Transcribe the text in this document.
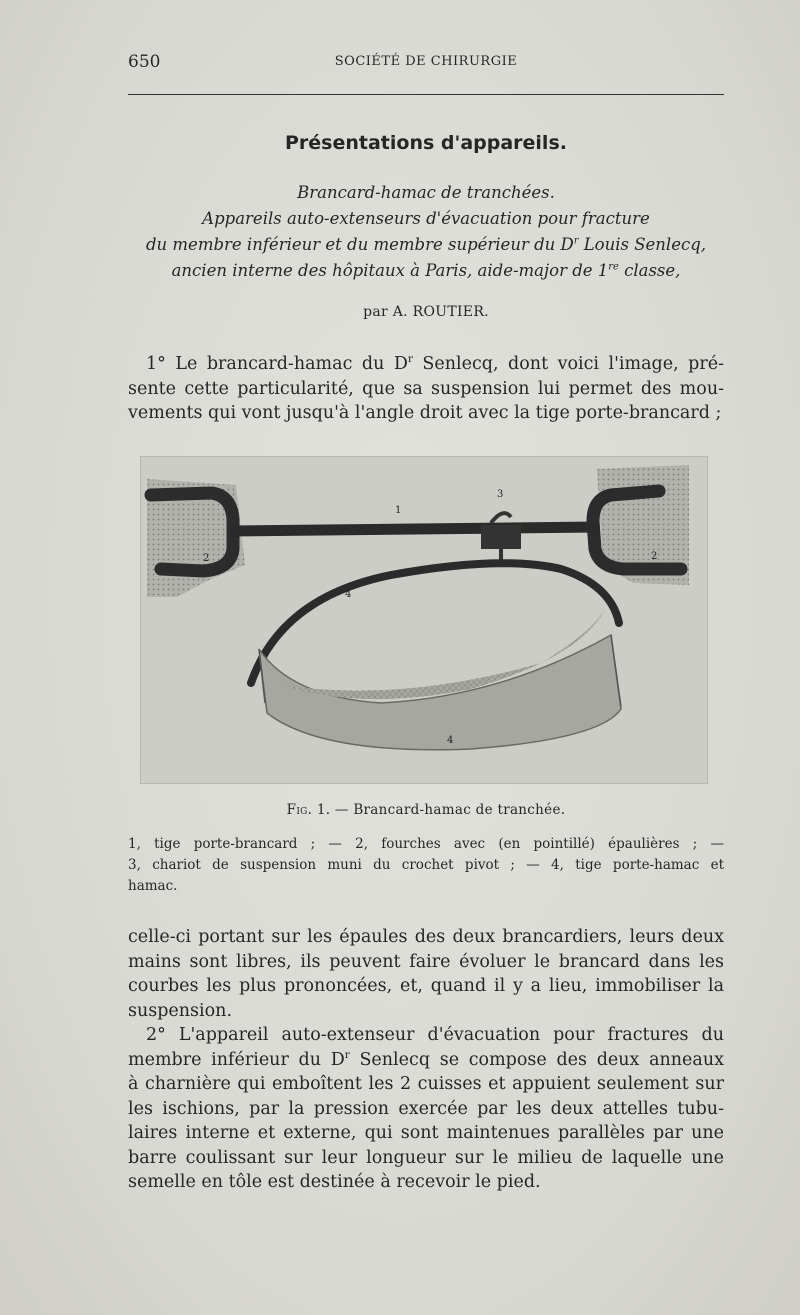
650	SOCIÉTÉ DE CHIRURGIE
Présentations d'appareils.
Brancard-hamac de tranchées.
Appareils auto-extenseurs d'évacuation pour fracture
du membre inférieur et du membre supérieur du $D^r$ Louis Senlecq,
ancien interne des hôpitaux à Paris, aide-major de 1re classe,
par A. ROUTIER.
1° Le brancard-hamac du $D^r$ Senlecq, dont voici l'image, pré-
sente cette particularité, que sa suspension lui permet des mou-
vements qui vont jusqu'à l'angle droit avec la tige porte-brancard ;
1
3
2	2
4
4
Fig. 1. — Brancard-hamac de tranchée.
1, tige porte-brancard ; — 2, fourches avec (en pointillé) épaulières ; —
3, chariot de suspension muni du crochet pivot ; — 4, tige porte-hamac et
hamac.
celle-ci portant sur les épaules des deux brancardiers, leurs deux
mains sont libres, ils peuvent faire évoluer le brancard dans les
courbes les plus prononcées, et, quand il y a lieu, immobiliser la
suspension.
2° L'appareil auto-extenseur d'évacuation pour fractures du
membre inférieur du $D^r$ Senlecq se compose des deux anneaux
à charnière qui emboîtent les 2 cuisses et appuient seulement sur
les ischions, par la pression exercée par les deux attelles tubu-
laires interne et externe, qui sont maintenues parallèles par une
barre coulissant sur leur longueur sur le milieu de laquelle une
semelle en tôle est destinée à recevoir le pied.
